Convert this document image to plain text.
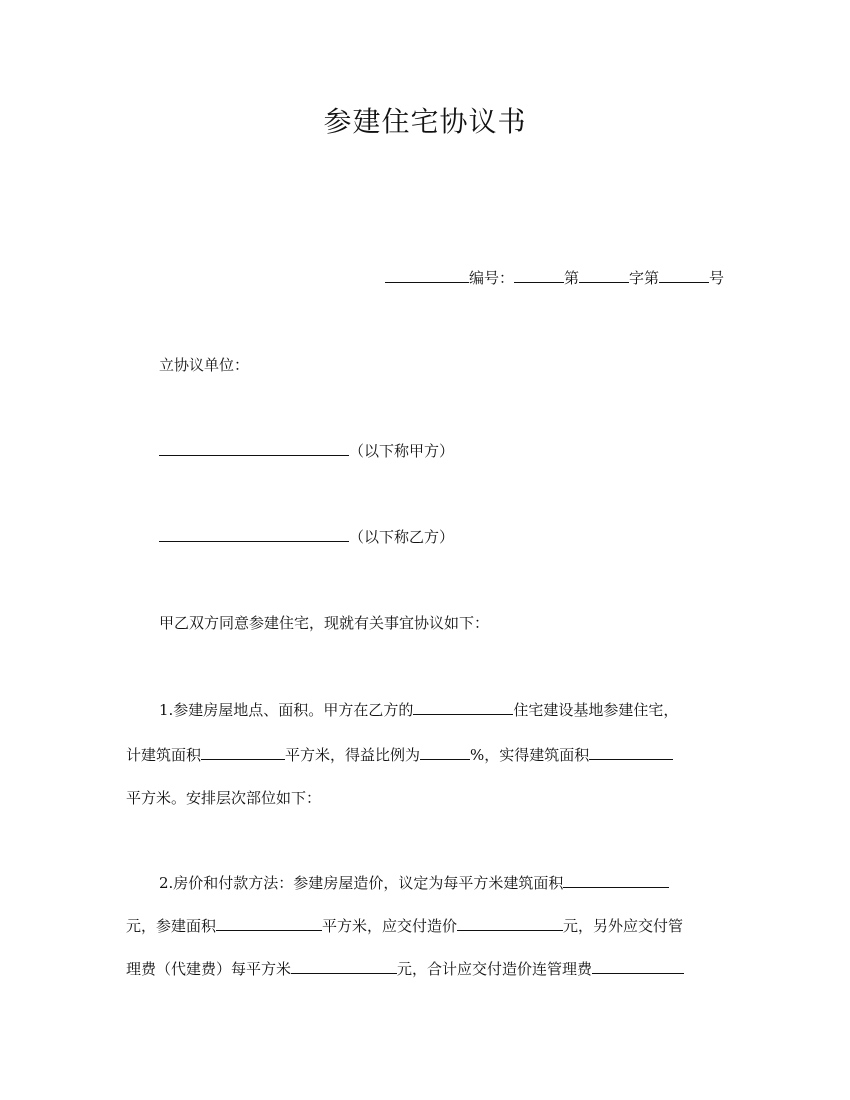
参建住宅协议书
编号：	第	字第	号
立协议单位：
（以下称甲方）
（以下称乙方）
甲乙双方同意参建住宅，现就有关事宜协议如下：
1.参建房屋地点、面积。甲方在乙方的	住宅建设基地参建住宅，
计建筑面积	平方米，得益比例为	%，实得建筑面积
平方米。安排层次部位如下：
2.房价和付款方法：参建房屋造价，议定为每平方米建筑面积
元，参建面积	平方米，应交付造价	元，另外应交付管
理费（代建费）每平方米	元，合计应交付造价连管理费
